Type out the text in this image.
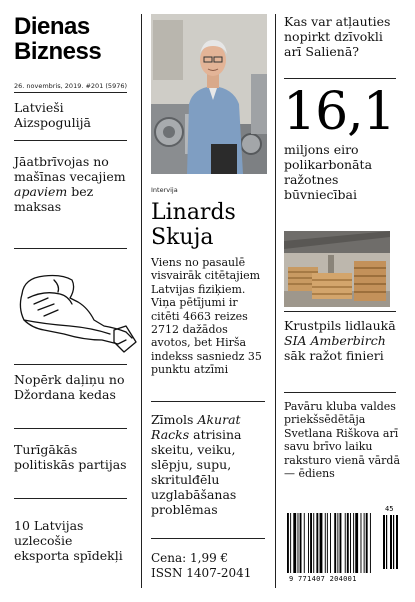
Dienas
Bizness
26. novembris, 2019. #201 (5976)
Latvieši Aizspogulijā
Jāatbrīvojas no mašīnas vecajiem apaviem bez maksas
Nopērk daļiņu no Džordana kedas
Turīgākās politiskās partijas
10 Latvijas uzlecošie eksporta spīdekļi
Intervija
Linards
Skuja
Viens no pasaulē visvairāk citētajiem Latvijas fiziķiem. Viņa pētījumi ir citēti 4663 reizes 2712 dažādos avotos, bet Hirša indekss sasniedz 35 punktu atzīmi
Zīmols Akurat Racks atrisina skeitu, veiku, slēpju, supu, skritulđēlu uzglabāšanas problēmas
Cena: 1,99 €
ISSN 1407-2041
Kas var atļauties nopirkt dzīvokli arī Salienā?
16,1
miljons eiro polikarbonāta ražotnes būvniecībai
Krustpils lidlaukā SIA Amberbirch sāk ražot finieri
Pavāru kluba valdes priekšsēdētāja Svetlana Riškova arī savu brīvo laiku raksturo vienā vārdā — ēdiens
9 771407 204001
45
